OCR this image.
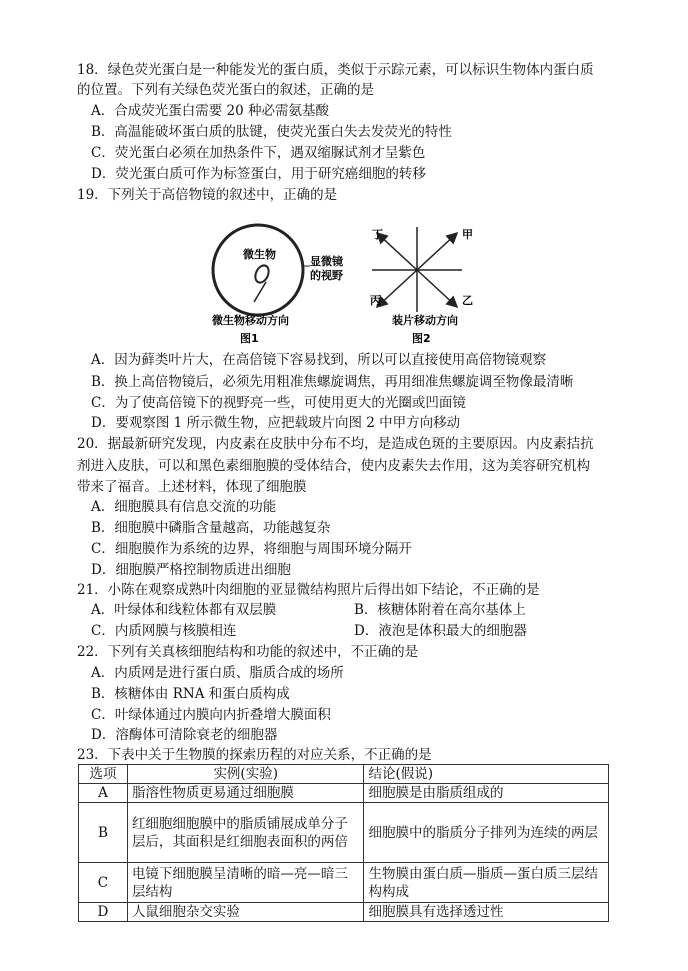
18．绿色荧光蛋白是一种能发光的蛋白质，类似于示踪元素，可以标识生物体内蛋白质
的位置。下列有关绿色荧光蛋白的叙述，正确的是
A．合成荧光蛋白需要 20 种必需氨基酸
B．高温能破坏蛋白质的肽键，使荧光蛋白失去发荧光的特性
C．荧光蛋白必须在加热条件下，遇双缩脲试剂才呈紫色
D．荧光蛋白质可作为标签蛋白，用于研究癌细胞的转移
19．下列关于高倍物镜的叙述中，正确的是
微生物
显微镜
的视野
微生物移动方向
图1
甲
乙
丙
丁
装片移动方向
图2
A．因为藓类叶片大，在高倍镜下容易找到，所以可以直接使用高倍物镜观察
B．换上高倍物镜后，必须先用粗准焦螺旋调焦，再用细准焦螺旋调至物像最清晰
C．为了使高倍镜下的视野亮一些，可使用更大的光圈或凹面镜
D．要观察图 1 所示微生物，应把载玻片向图 2 中甲方向移动
20．据最新研究发现，内皮素在皮肤中分布不均，是造成色斑的主要原因。内皮素拮抗
剂进入皮肤，可以和黑色素细胞膜的受体结合，使内皮素失去作用，这为美容研究机构
带来了福音。上述材料，体现了细胞膜
A．细胞膜具有信息交流的功能
B．细胞膜中磷脂含量越高，功能越复杂
C．细胞膜作为系统的边界，将细胞与周围环境分隔开
D．细胞膜严格控制物质进出细胞
21．小陈在观察成熟叶肉细胞的亚显微结构照片后得出如下结论，不正确的是
A．叶绿体和线粒体都有双层膜	B．核糖体附着在高尔基体上
C．内质网膜与核膜相连	D．液泡是体积最大的细胞器
22．下列有关真核细胞结构和功能的叙述中，不正确的是
A．内质网是进行蛋白质、脂质合成的场所
B．核糖体由 RNA 和蛋白质构成
C．叶绿体通过内膜向内折叠增大膜面积
D．溶酶体可清除衰老的细胞器
23．下表中关于生物膜的探索历程的对应关系，不正确的是
选项	实例(实验)	结论(假说)
A	脂溶性物质更易通过细胞膜	细胞膜是由脂质组成的
B	红细胞细胞膜中的脂质铺展成单分子层后，其面积是红细胞表面积的两倍	细胞膜中的脂质分子排列为连续的两层
C	电镜下细胞膜呈清晰的暗—亮—暗三层结构	生物膜由蛋白质—脂质—蛋白质三层结构构成
D	人鼠细胞杂交实验	细胞膜具有选择透过性
